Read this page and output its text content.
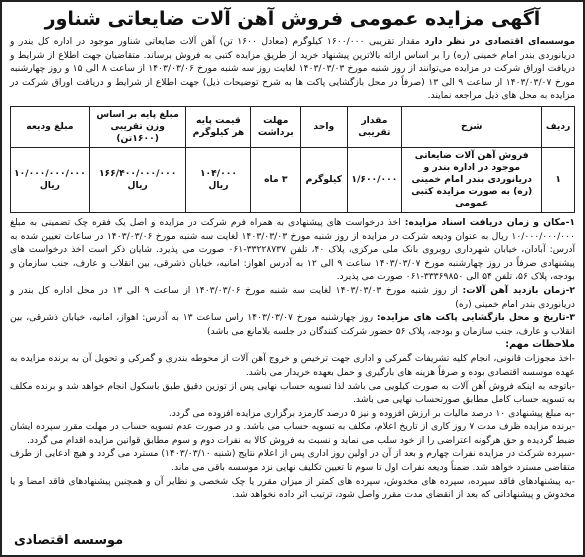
آگهی مزایده عمومی فروش آهن آلات ضایعاتی شناور

موسسه‌ای اقتصادی در نظر دارد مقدار تقریبی ۱۶۰۰/۰۰۰ کیلوگرم (معادل ۱۶۰۰ تن) آهن آلات ضایعاتی شناور موجود در اداره کل بندر و دریانوردی بندر امام خمینی (ره) را بر اساس ارائه بالاترین پیشنهاد خرید از طریق مزایده کتبی به فروش برساند. متقاضیان جهت اطلاع از شرایط و دریافت اوراق شرکت در مزایده می‌توانند از روز شنبه مورخ ۱۴۰۳/۰۳/۰۳ لغایت روز سه شنبه مورخ ۱۴۰۳/۰۳/۰۶ از ساعت ۸ الی ۱۵ و روز چهارشنبه مورخ ۱۴۰۳/۰۳/۰۷ از ساعت ۹ الی ۱۳ (صرفاً در محل بازگشایی پاکت ها به شرح توضیحات ذیل) جهت اطلاع از شرایط و دریافت اوراق شرکت در مزایده به محل های ذیل مراجعه نمایند.

ردیف	شرح	مقدار تقریبی	واحد	مهلت برداشت	قیمت پایه هر کیلوگرم	مبلغ پایه بر اساس وزن تقریبی (۱۶۰۰تن)	مبلغ ودیعه
۱	فروش آهن آلات ضایعاتی موجود در اداره بندر و دریانوردی بندر امام خمینی (ره) به صورت مزایده کتبی عمومی	۱/۶۰۰/۰۰۰	کیلوگرم	۳ ماه	۱۰۴/۰۰۰ ریال	۱۶۶/۴۰۰/۰۰۰/۰۰۰ ریال	۱۰/۰۰۰/۰۰۰/۰۰۰ ریال

۱-مکان و زمان دریافت اسناد مزایده: اخذ درخواست های پیشنهادی به همراه فرم شرکت در مزایده و اصل یک فقره چک تضمینی به مبلغ ۱۰/۰۰۰/۰۰۰/۰۰۰ ریال به عنوان ودیعه شرکت در مزایده از روز شنبه مورخ ۱۴۰۳/۰۳/۰۳ لغایت سه شنبه مورخ ۱۴۰۳/۰۳/۰۶ در ساعات تعیین شده به آدرس: آبادان، خیابان شهرداری روبروی بانک ملی مرکزی، پلاک ۴۰، تلفن ۳۳۲۲۸۷۳۷-۰۶۱ صورت می پذیرد. شایان ذکر است اخذ درخواست های پیشنهادی صرفاً در روز چهارشنبه مورخ ۱۴۰۳/۰۳/۰۷ ساعت ۹ الی ۱۲ به آدرس اهواز: امانیه، خیابان ذشرقی، بین انقلاب و عارف، جنب سازمان و بودجه، پلاک ۵۶، تلفن ۵۴ الی ۳۳۳۶۹۸۵۰-۰۶۱ صورت می پذیرد.

۲-زمان بازدید آهن آلات: از روز شنبه مورخ ۱۴۰۳/۰۳/۰۳ لغایت سه شنبه مورخ ۱۴۰۳/۰۳/۰۶ از ساعت ۹ الی ۱۳ در محل اداره کل بندر و دریانوردی بندر امام خمینی (ره)

۳-تاریخ و محل بازگشایی پاکت های مزایده: روز چهارشنبه مورخ ۱۴۰۳/۰۳/۰۷ راس ساعت ۱۳ به آدرس: اهواز، امانیه، خیابان ذشرقی، بین انقلاب و عارف، جنب سازمان و بودجه، پلاک ۵۶ حضور شرکت کنندگان در جلسه بلامانع می باشد)

ملاحظات مهم:

-اخذ مجوزات قانونی، انجام کلیه تشریفات گمرکی و اداری جهت ترخیص و خروج آهن آلات از محوطه بندری و گمرکی و تحویل آن به برنده مزایده به عهده موسسه اقتصادی بوده و صرفاً هزینه های بارگیری و حمل بعهده خریدار می باشد.
-باتوجه به اینکه فروش آهن آلات به صورت کیلویی می باشد لذا تسویه حساب نهایی پس از توزین دقیق طبق باسکول انجام خواهد شد و برنده مکلف به تسویه حساب کامل مطابق صورتحساب نهایی می باشد.
-به مبلغ پیشنهادی ۱۰ درصد مالیات بر ارزش افزوده و نیز ۵ درصد کارمزد برگزاری مزایده افزوده می گردد.
-برنده مزایده ظرف مدت ۷ روز کاری از تاریخ اعلام، مکلف به تسویه حساب می باشد. و در صورت عدم تسویه حساب در مهلت مقرر سپرده ایشان ضبط گردیده و حق هرگونه اعتراضی را از خود سلب می نماید و نسبت به فروش کالا به نفرات دوم و سوم مطابق قوانین مزایده اقدام می گردد.
-سپرده شرکت در مزایده نفرات چهارم و بعد از آن در اولین روز اداری پس از اعلام نتایج (شنبه ۱۴۰۳/۰۳/۱۰) مسترد می گردد و هیچ ادعایی از طرف متقاضی مسترد خواهد شد. ضمناً ودیعه نفرات اول تا سوم تا تعیین تکلیف نهایی نزد موسسه باقی می ماند.
-به پیشنهادهای فاقد سپرده، سپرده های مخدوش، سپرده های کمتر از میزان مقرر یا چک شخصی و نظایر آن و همچنین پیشنهادهای فاقد امضا و یا مخدوش و پیشنهاداتی که بعد از انقضای مدت مقرر واصل شود، ترتیب اثر داده نخواهد شد.
موسسه اقتصادی
